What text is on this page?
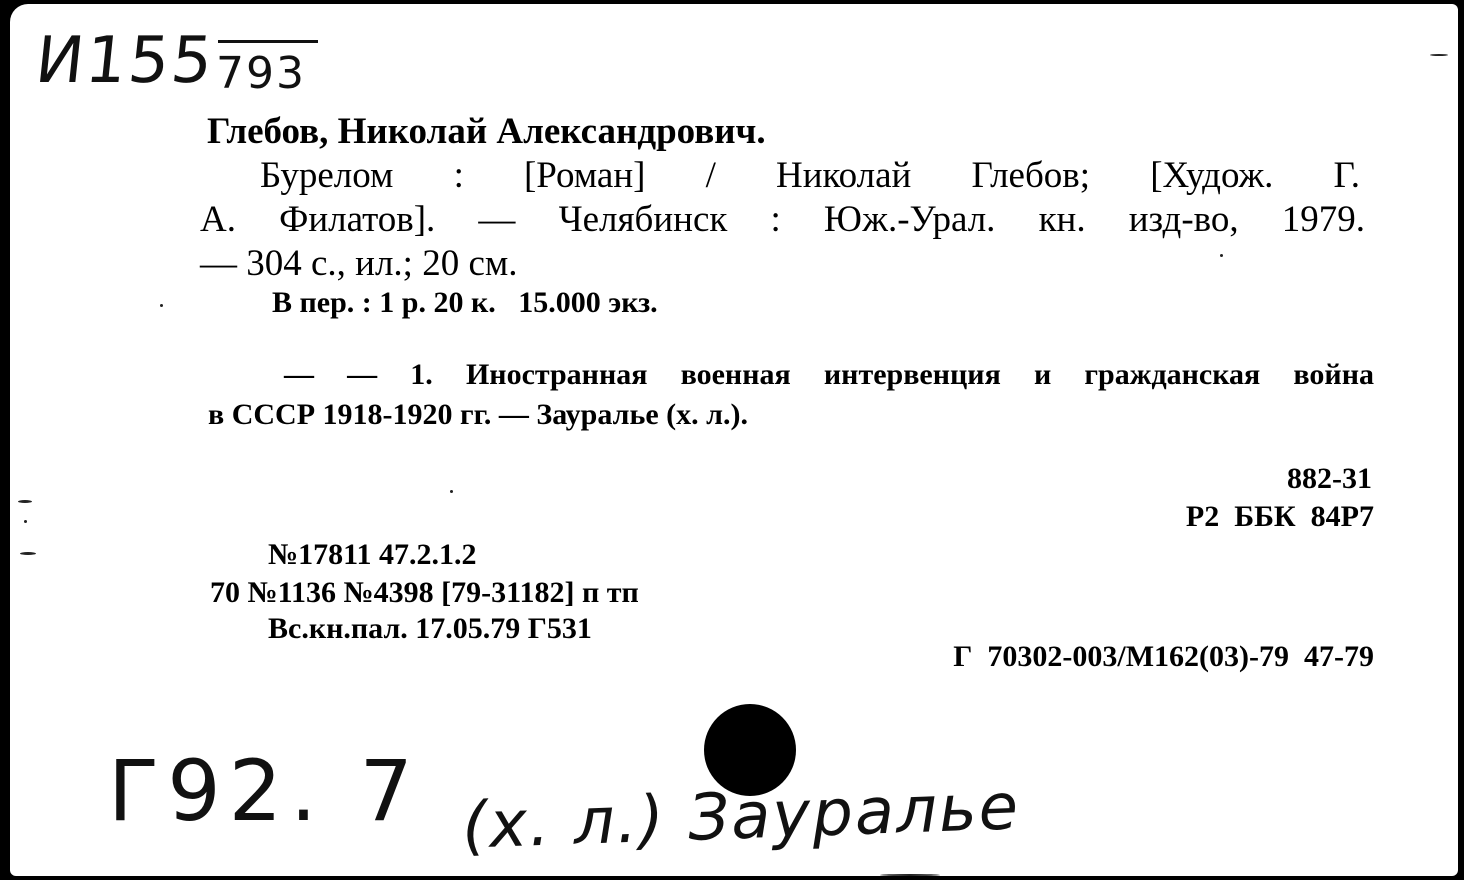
И155
793
Глебов, Николай Александрович.
Бурелом : [Роман] / Николай Глебов; [Худож. Г.
А. Филатов]. — Челябинск : Юж.-Урал. кн. изд-во, 1979.
— 304 с., ил.; 20 см.
В пер. : 1 р. 20 к.   15.000 экз.
— — 1. Иностранная военная интервенция и гражданская война
в СССР 1918-1920 гг. — Зауралье (х. л.).
882-31
Р2  ББК  84Р7
№17811 47.2.1.2
70 №1136 №4398 [79-31182] п тп
Вс.кн.пал. 17.05.79 Г531
Г  70302-003/М162(03)-79  47-79
Г92. 7 (х. л.) Зауралье
